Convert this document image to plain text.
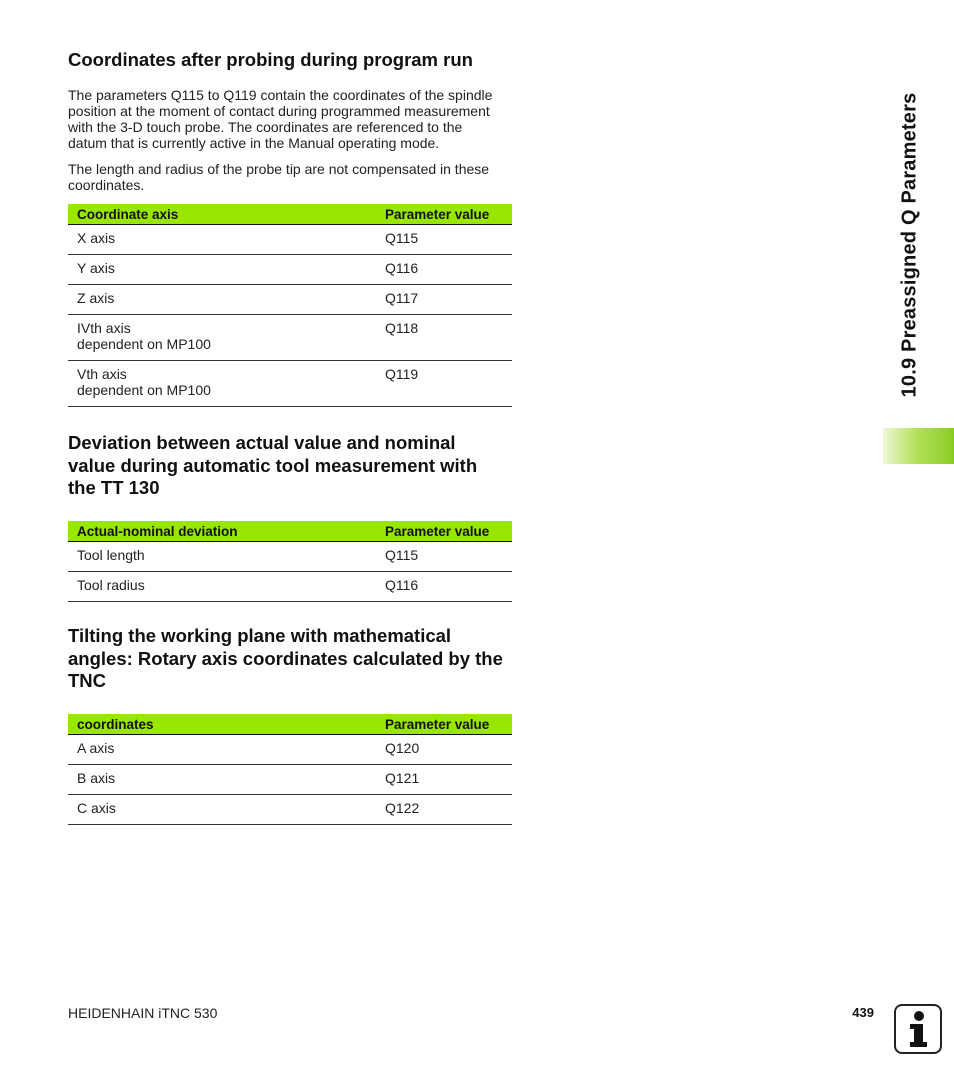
Coordinates after probing during program run

The parameters Q115 to Q119 contain the coordinates of the spindle

position at the moment of contact during programmed measurement

with the 3-D touch probe. The coordinates are referenced to the

datum that is currently active in the Manual operating mode.

The length and radius of the probe tip are not compensated in these

coordinates.

Coordinate axis	Parameter value
X axis	Q115
Y axis	Q116
Z axis	Q117

IVth axis
dependent on MP100	Q118

Vth axis
dependent on MP100	Q119
Deviation between actual value and nominal
value during automatic tool measurement with
the TT 130
Actual-nominal deviation	Parameter value
Tool length	Q115
Tool radius	Q116
Tilting the working plane with mathematical
angles: Rotary axis coordinates calculated by the
TNC
coordinates	Parameter value
A axis	Q120
B axis	Q121
C axis	Q122
10.9 Preassigned Q Parameters
HEIDENHAIN iTNC 530	439
